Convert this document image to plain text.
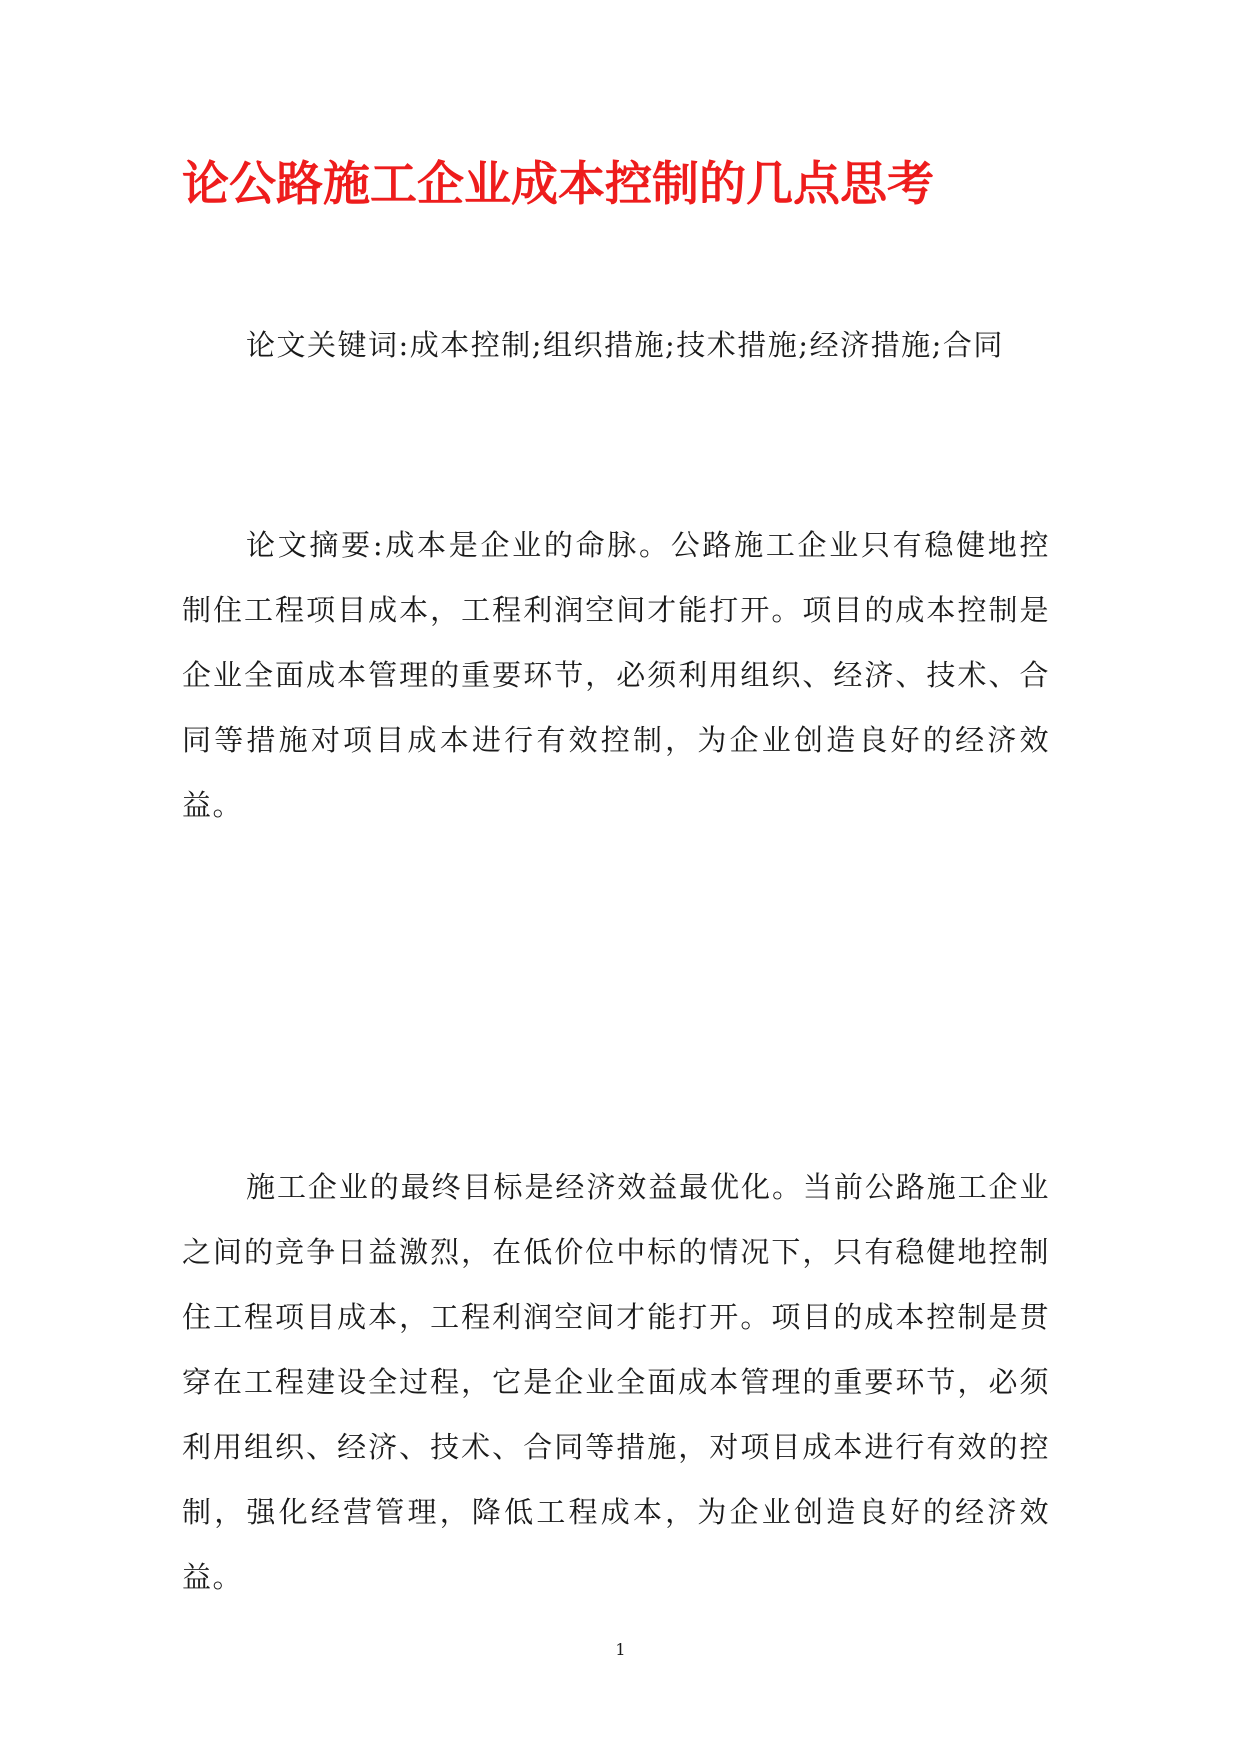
论公路施工企业成本控制的几点思考

论文关键词:成本控制;组织措施;技术措施;经济措施;合同

论文摘要:成本是企业的命脉。公路施工企业只有稳健地控制住工程项目成本，工程利润空间才能打开。项目的成本控制是企业全面成本管理的重要环节，必须利用组织、经济、技术、合同等措施对项目成本进行有效控制，为企业创造良好的经济效益。

施工企业的最终目标是经济效益最优化。当前公路施工企业之间的竞争日益激烈，在低价位中标的情况下，只有稳健地控制住工程项目成本，工程利润空间才能打开。项目的成本控制是贯穿在工程建设全过程，它是企业全面成本管理的重要环节，必须利用组织、经济、技术、合同等措施，对项目成本进行有效的控制，强化经营管理，降低工程成本，为企业创造良好的经济效益。

1
